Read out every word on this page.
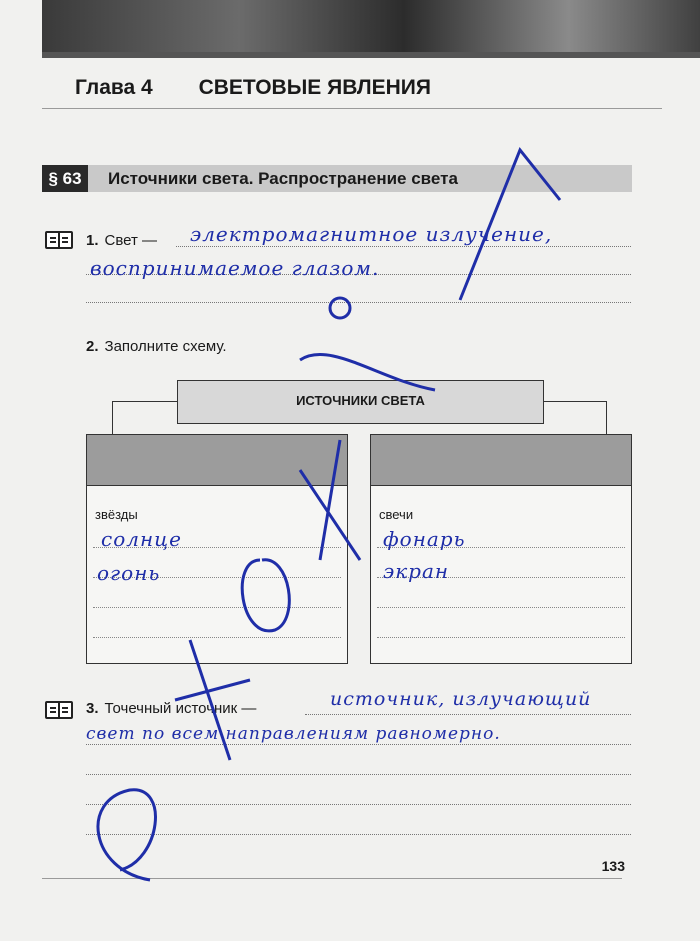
Глава 4 СВЕТОВЫЕ ЯВЛЕНИЯ
§ 63	Источники света. Распространение света
1. Свет — электромагнитное излучение,
воспринимаемое глазом.
2. Заполните схему.
ИСТОЧНИКИ СВЕТА
звёзды
солнце
огонь
свечи
фонарь
экран
3. Точечный источник —	источник, излучающий
свет по всем направлениям равномерно.
133
